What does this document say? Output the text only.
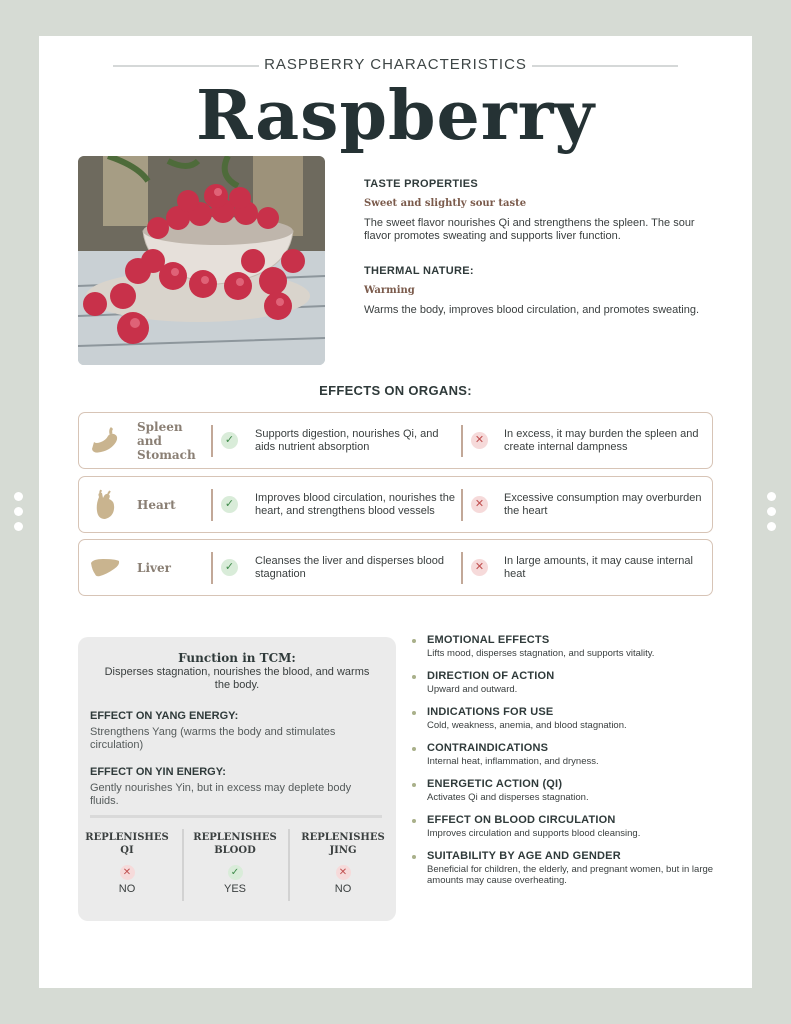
RASPBERRY CHARACTERISTICS
Raspberry
TASTE PROPERTIES
Sweet and slightly sour taste
The sweet flavor nourishes Qi and strengthens the spleen. The sour flavor promotes sweating and supports liver function.
THERMAL NATURE:
Warming
Warms the body, improves blood circulation, and promotes sweating.
EFFECTS ON ORGANS:
Spleen and Stomach
✓
Supports digestion, nourishes Qi, and aids nutrient absorption
✕
In excess, it may burden the spleen and create internal dampness
Heart	✓
Improves blood circulation, nourishes the heart, and strengthens blood vessels
✕
Excessive consumption may overburden the heart
Liver	✓
Cleanses the liver and disperses blood stagnation
✕
In large amounts, it may cause internal heat
Function in TCM:
Disperses stagnation, nourishes the blood, and warms the body.
EFFECT ON YANG ENERGY:
Strengthens Yang (warms the body and stimulates circulation)
EFFECT ON YIN ENERGY:
Gently nourishes Yin, but in excess may deplete body fluids.
REPLENISHES QI
✕
NO
REPLENISHES BLOOD
✓
YES
REPLENISHES JING
✕
NO
EMOTIONAL EFFECTS
Lifts mood, disperses stagnation, and supports vitality.
DIRECTION OF ACTION
Upward and outward.
INDICATIONS FOR USE
Cold, weakness, anemia, and blood stagnation.
CONTRAINDICATIONS
Internal heat, inflammation, and dryness.
ENERGETIC ACTION (QI)
Activates Qi and disperses stagnation.
EFFECT ON BLOOD CIRCULATION
Improves circulation and supports blood cleansing.
SUITABILITY BY AGE AND GENDER
Beneficial for children, the elderly, and pregnant women, but in large amounts may cause overheating.
